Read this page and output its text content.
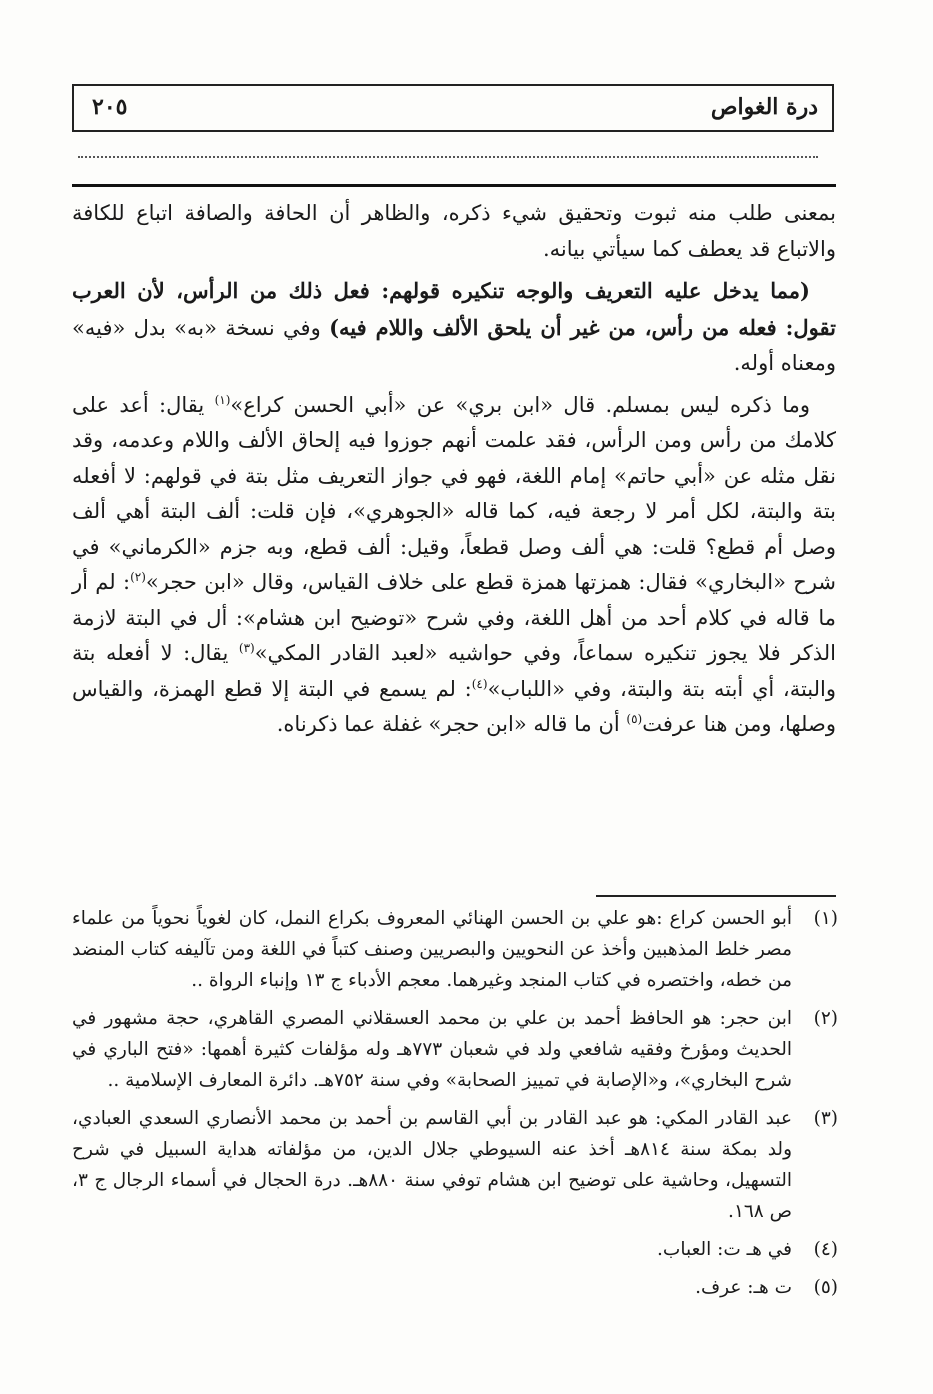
درة الغواص
٢٠٥

بمعنى طلب منه ثبوت وتحقيق شيء ذكره، والظاهر أن الحافة والصافة اتباع للكافة والاتباع قد يعطف كما سيأتي بيانه.

(مما يدخل عليه التعريف والوجه تنكيره قولهم: فعل ذلك من الرأس، لأن العرب تقول: فعله من رأس، من غير أن يلحق الألف واللام فيه) وفي نسخة «به» بدل «فيه» ومعناه أوله.

وما ذكره ليس بمسلم. قال «ابن بري» عن «أبي الحسن كراع»$^{(١)}$ يقال: أعد على كلامك من رأس ومن الرأس، فقد علمت أنهم جوزوا فيه إلحاق الألف واللام وعدمه، وقد نقل مثله عن «أبي حاتم» إمام اللغة، فهو في جواز التعريف مثل بتة في قولهم: لا أفعله بتة والبتة، لكل أمر لا رجعة فيه، كما قاله «الجوهري»، فإن قلت: ألف البتة أهي ألف وصل أم قطع؟ قلت: هي ألف وصل قطعاً، وقيل: ألف قطع، وبه جزم «الكرماني» في شرح «البخاري» فقال: همزتها همزة قطع على خلاف القياس، وقال «ابن حجر»$^{(٢)}$: لم أر ما قاله في كلام أحد من أهل اللغة، وفي شرح «توضيح ابن هشام»: أل في البتة لازمة الذكر فلا يجوز تنكيره سماعاً، وفي حواشيه «لعبد القادر المكي»$^{(٣)}$ يقال: لا أفعله بتة والبتة، أي أبته بتة والبتة، وفي «اللباب»$^{(٤)}$: لم يسمع في البتة إلا قطع الهمزة، والقياس وصلها، ومن هنا عرفت$^{(٥)}$ أن ما قاله «ابن حجر» غفلة عما ذكرناه.

(١)
أبو الحسن كراع :هو علي بن الحسن الهنائي المعروف بكراع النمل، كان لغوياً نحوياً من علماء مصر خلط المذهبين وأخذ عن النحويين والبصريين وصنف كتباً في اللغة ومن تآليفه كتاب المنضد من خطه، واختصره في كتاب المنجد وغيرهما. معجم الأدباء ج ١٣ وإنباء الرواة ..
(٢)
ابن حجر: هو الحافظ أحمد بن علي بن محمد العسقلاني المصري القاهري، حجة مشهور في الحديث ومؤرخ وفقيه شافعي ولد في شعبان ٧٧٣هـ وله مؤلفات كثيرة أهمها: «فتح الباري في شرح البخاري»، و«الإصابة في تمييز الصحابة» وفي سنة ٧٥٢هـ. دائرة المعارف الإسلامية ..
(٣)
عبد القادر المكي: هو عبد القادر بن أبي القاسم بن أحمد بن محمد الأنصاري السعدي العبادي، ولد بمكة سنة ٨١٤هـ أخذ عنه السيوطي جلال الدين، من مؤلفاته هداية السبيل في شرح التسهيل، وحاشية على توضيح ابن هشام توفي سنة ٨٨٠هـ. درة الحجال في أسماء الرجال ج ٣، ص ١٦٨.
(٤)
في هـ ت: العباب.
(٥)
ت هـ: عرف.
